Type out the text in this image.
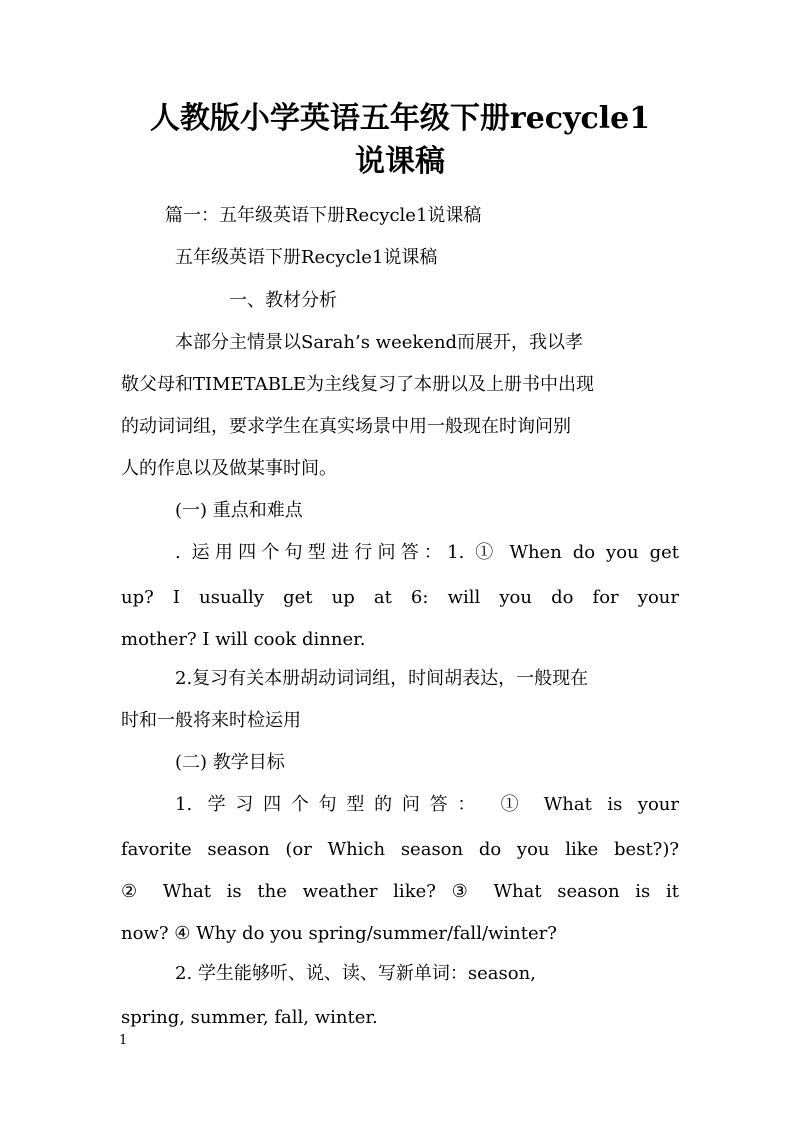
人教版小学英语五年级下册recycle1
说课稿
篇一：五年级英语下册Recycle1说课稿
五年级英语下册Recycle1说课稿
一、教材分析
本部分主情景以Sarah’s weekend而展开，我以孝
敬父母和TIMETABLE为主线复习了本册以及上册书中出现
的动词词组，要求学生在真实场景中用一般现在时询问别
人的作息以及做某事时间。
(一) 重点和难点
. 运用四个句型进行问答：1. ① When do you get
up? I usually get up at 6: will you do for your
mother? I will cook dinner.
2.复习有关本册胡动词词组，时间胡表达，一般现在
时和一般将来时检运用
(二) 教学目标
1. 学习四个句型的问答： ① What is your
favorite season (or Which season do you like best?)?
② What is the weather like? ③ What season is it
now? ④ Why do you spring/summer/fall/winter?
2. 学生能够听、说、读、写新单词：season,
spring, summer, fall, winter.
1
